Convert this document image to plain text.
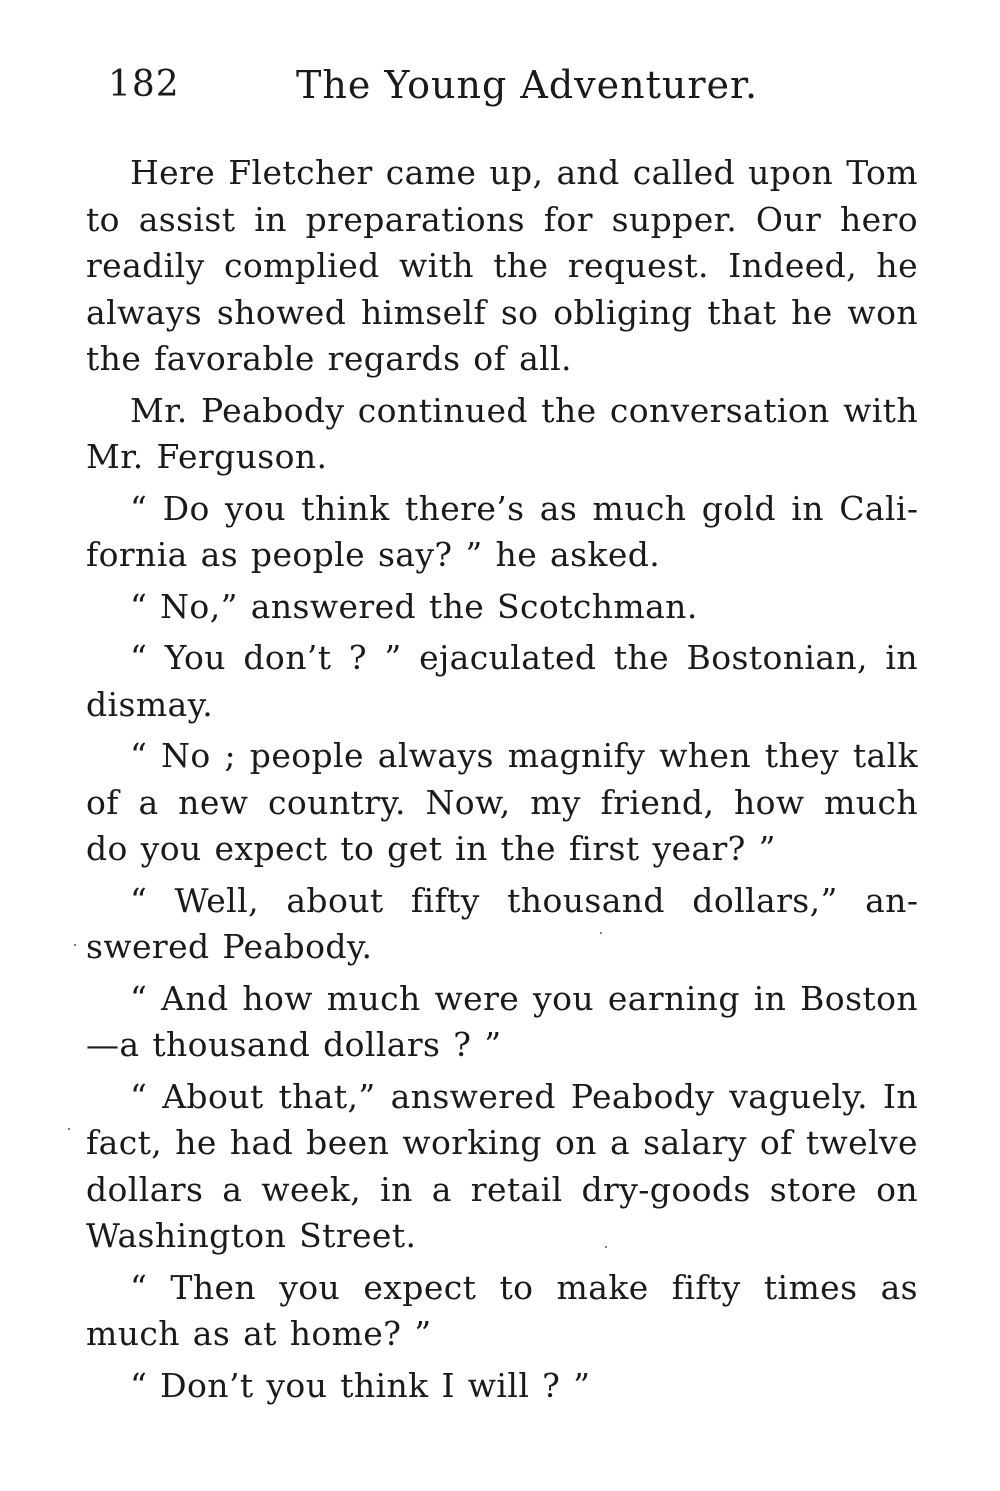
182	The Young Adventurer.

Here Fletcher came up, and called upon Tom to assist in preparations for supper. Our hero readily complied with the request. Indeed, he always showed himself so obliging that he won the favorable regards of all.

Mr. Peabody continued the conversation with Mr. Ferguson.

“ Do you think there’s as much gold in California as people say? ” he asked.

“ No,” answered the Scotchman.

“ You don’t ? ” ejaculated the Bostonian, in dismay.

“ No ; people always magnify when they talk of a new country. Now, my friend, how much do you expect to get in the first year? ”

“ Well, about fifty thousand dollars,” answered Peabody.

“ And how much were you earning in Boston—a thousand dollars ? ”

“ About that,” answered Peabody vaguely. In fact, he had been working on a salary of twelve dollars a week, in a retail dry-goods store on Washington Street.

“ Then you expect to make fifty times as much as at home? ”

“ Don’t you think I will ? ”
